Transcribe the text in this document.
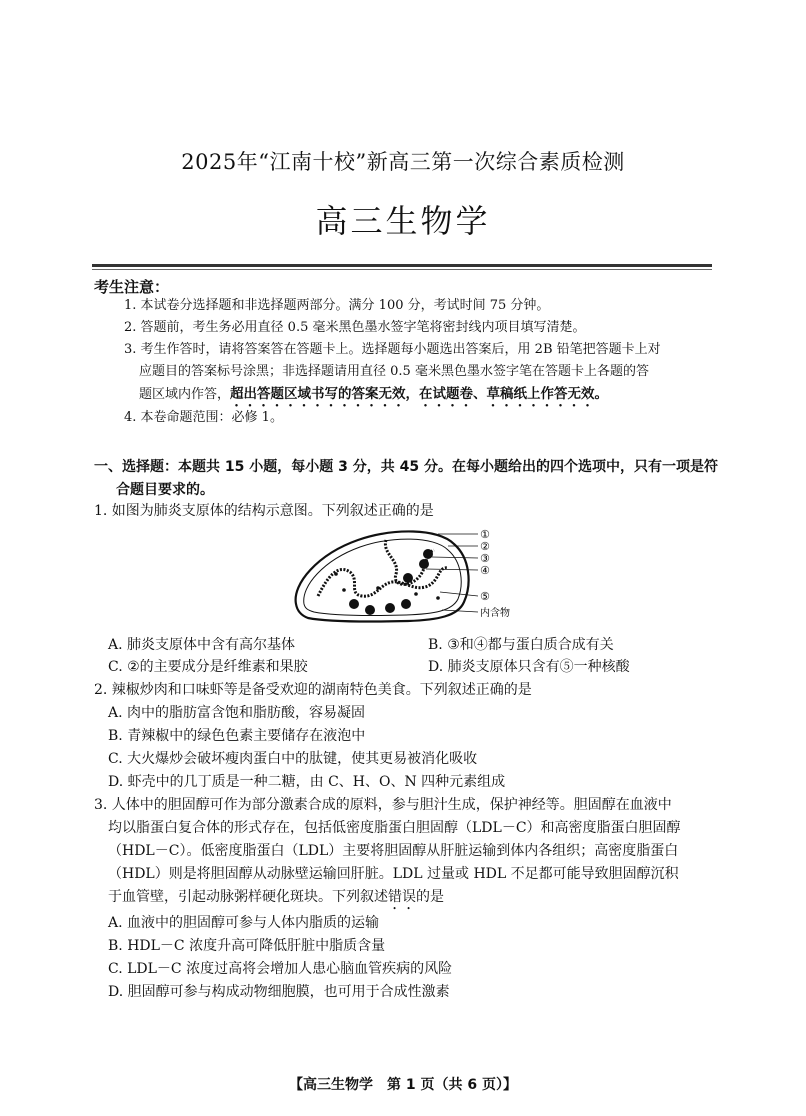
2025年“江南十校”新高三第一次综合素质检测
高三生物学
考生注意：
1. 本试卷分选择题和非选择题两部分。满分 100 分，考试时间 75 分钟。
2. 答题前，考生务必用直径 0.5 毫米黑色墨水签字笔将密封线内项目填写清楚。
3. 考生作答时，请将答案答在答题卡上。选择题每小题选出答案后，用 2B 铅笔把答题卡上对
应题目的答案标号涂黑；非选择题请用直径 0.5 毫米黑色墨水签字笔在答题卡上各题的答
题区域内作答，超出答题区域书写的答案无效，在试题卷、草稿纸上作答无效。
4. 本卷命题范围：必修 1。
一、选择题：本题共 15 小题，每小题 3 分，共 45 分。在每小题给出的四个选项中，只有一项是符
合题目要求的。
1. 如图为肺炎支原体的结构示意图。下列叙述正确的是
①
②
③
④
⑤
内含物
A. 肺炎支原体中含有高尔基体	B. ③和④都与蛋白质合成有关
C. ②的主要成分是纤维素和果胶	D. 肺炎支原体只含有⑤一种核酸
2. 辣椒炒肉和口味虾等是备受欢迎的湖南特色美食。下列叙述正确的是
A. 肉中的脂肪富含饱和脂肪酸，容易凝固
B. 青辣椒中的绿色色素主要储存在液泡中
C. 大火爆炒会破坏瘦肉蛋白中的肽键，使其更易被消化吸收
D. 虾壳中的几丁质是一种二糖，由 C、H、O、N 四种元素组成
3. 人体中的胆固醇可作为部分激素合成的原料，参与胆汁生成，保护神经等。胆固醇在血液中
均以脂蛋白复合体的形式存在，包括低密度脂蛋白胆固醇（LDL－C）和高密度脂蛋白胆固醇
（HDL－C）。低密度脂蛋白（LDL）主要将胆固醇从肝脏运输到体内各组织；高密度脂蛋白
（HDL）则是将胆固醇从动脉壁运输回肝脏。LDL 过量或 HDL 不足都可能导致胆固醇沉积
于血管壁，引起动脉粥样硬化斑块。下列叙述错误的是
A. 血液中的胆固醇可参与人体内脂质的运输
B. HDL－C 浓度升高可降低肝脏中脂质含量
C. LDL－C 浓度过高将会增加人患心脑血管疾病的风险
D. 胆固醇可参与构成动物细胞膜，也可用于合成性激素
【高三生物学　第 1 页（共 6 页）】
